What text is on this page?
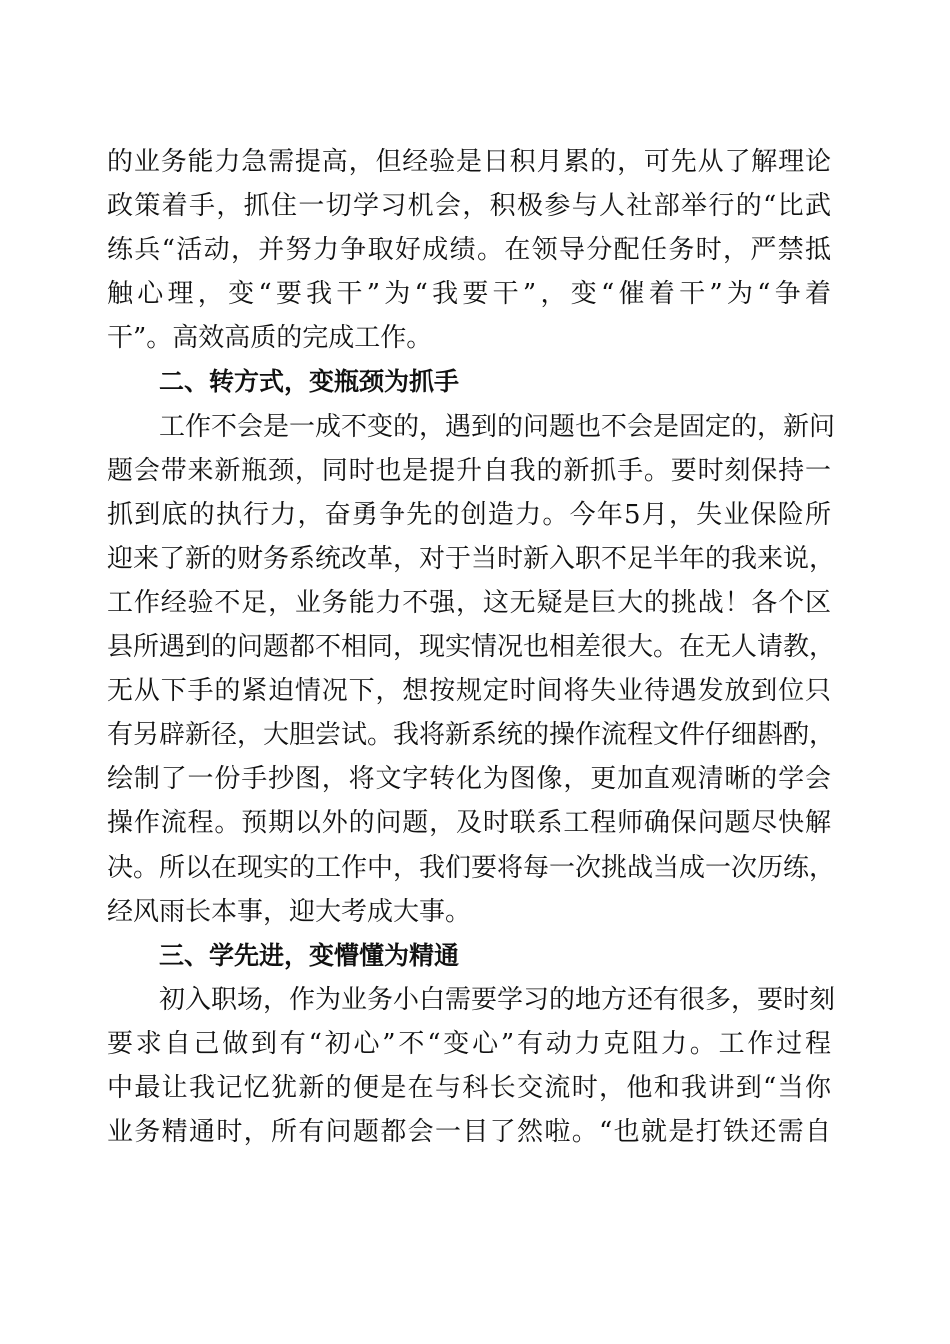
的业务能力急需提高，但经验是日积月累的，可先从了解理论
政策着手，抓住一切学习机会，积极参与人社部举行的“比武
练兵“活动，并努力争取好成绩。在领导分配任务时，严禁抵
触心理，变“要我干”为“我要干”，变“催着干”为“争着
干”。高效高质的完成工作。
二、转方式，变瓶颈为抓手
工作不会是一成不变的，遇到的问题也不会是固定的，新问
题会带来新瓶颈，同时也是提升自我的新抓手。要时刻保持一
抓到底的执行力，奋勇争先的创造力。今年5月，失业保险所
迎来了新的财务系统改革，对于当时新入职不足半年的我来说，
工作经验不足，业务能力不强，这无疑是巨大的挑战！各个区
县所遇到的问题都不相同，现实情况也相差很大。在无人请教，
无从下手的紧迫情况下，想按规定时间将失业待遇发放到位只
有另辟新径，大胆尝试。我将新系统的操作流程文件仔细斟酌，
绘制了一份手抄图，将文字转化为图像，更加直观清晰的学会
操作流程。预期以外的问题，及时联系工程师确保问题尽快解
决。所以在现实的工作中，我们要将每一次挑战当成一次历练，
经风雨长本事，迎大考成大事。
三、学先进，变懵懂为精通
初入职场，作为业务小白需要学习的地方还有很多，要时刻
要求自己做到有“初心”不“变心”有动力克阻力。工作过程
中最让我记忆犹新的便是在与科长交流时，他和我讲到“当你
业务精通时，所有问题都会一目了然啦。“也就是打铁还需自
